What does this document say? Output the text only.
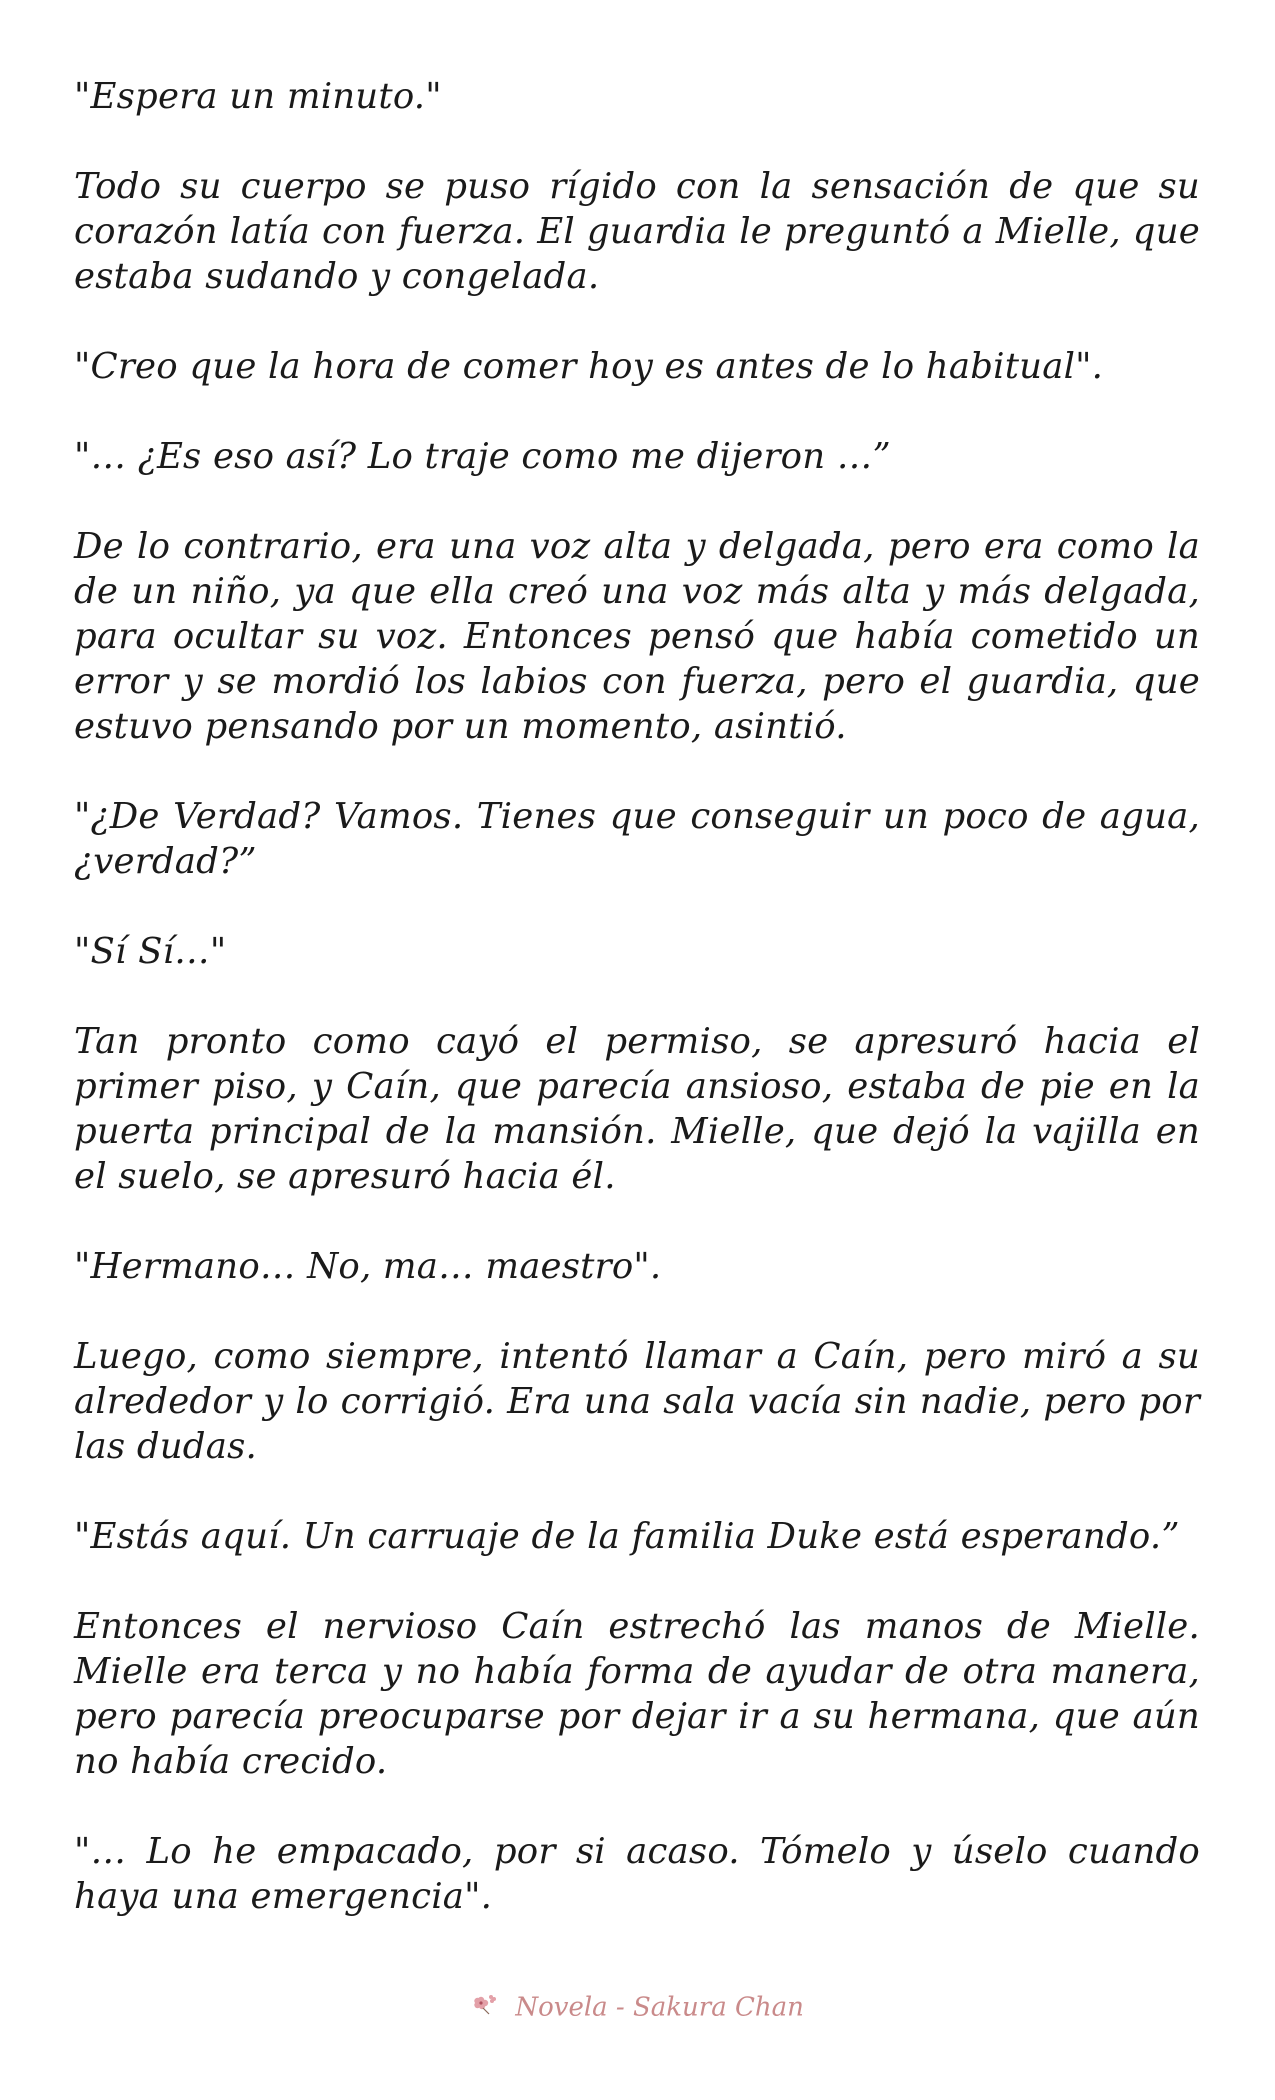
"Espera un minuto."

Todo su cuerpo se puso rígido con la sensación de que su corazón latía con fuerza. El guardia le preguntó a Mielle, que estaba sudando y congelada.

"Creo que la hora de comer hoy es antes de lo habitual".

"… ¿Es eso así? Lo traje como me dijeron …”

De lo contrario, era una voz alta y delgada, pero era como la de un niño, ya que ella creó una voz más alta y más delgada, para ocultar su voz. Entonces pensó que había cometido un error y se mordió los labios con fuerza, pero el guardia, que estuvo pensando por un momento, asintió.

"¿De Verdad? Vamos. Tienes que conseguir un poco de agua, ¿verdad?”

"Sí Sí…"

Tan pronto como cayó el permiso, se apresuró hacia el primer piso, y Caín, que parecía ansioso, estaba de pie en la puerta principal de la mansión. Mielle, que dejó la vajilla en el suelo, se apresuró hacia él.

"Hermano… No, ma… maestro".

Luego, como siempre, intentó llamar a Caín, pero miró a su alrededor y lo corrigió. Era una sala vacía sin nadie, pero por las dudas.

"Estás aquí. Un carruaje de la familia Duke está esperando.”

Entonces el nervioso Caín estrechó las manos de Mielle. Mielle era terca y no había forma de ayudar de otra manera, pero parecía preocuparse por dejar ir a su hermana, que aún no había crecido.

"… Lo he empacado, por si acaso. Tómelo y úselo cuando haya una emergencia".

Novela - Sakura Chan
